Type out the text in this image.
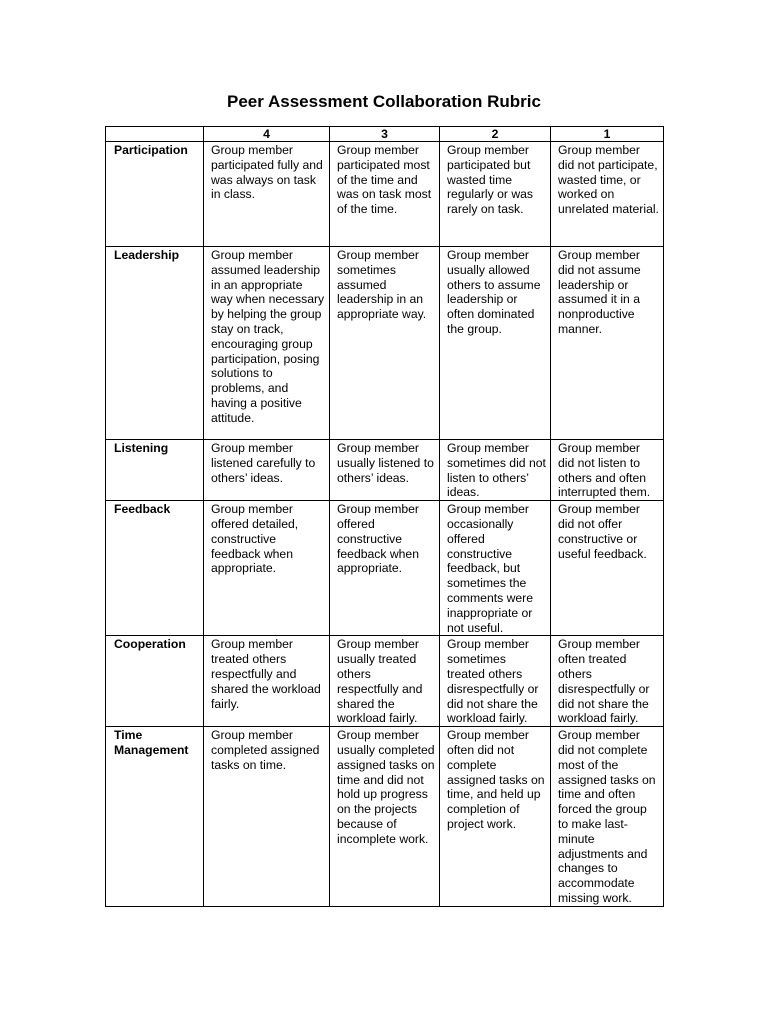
Peer Assessment Collaboration Rubric
	4	3	2	1
Participation	Group member participated fully and was always on task in class.	Group member participated most of the time and was on task most of the time.	Group member participated but wasted time regularly or was rarely on task.	Group member did not participate, wasted time, or worked on unrelated material.
Leadership	Group member assumed leadership in an appropriate way when necessary by helping the group stay on track, encouraging group participation, posing solutions to problems, and having a positive attitude.	Group member sometimes assumed leadership in an appropriate way.	Group member usually allowed others to assume leadership or often dominated the group.	Group member did not assume leadership or assumed it in a nonproductive manner.
Listening	Group member listened carefully to others’ ideas.	Group member usually listened to others’ ideas.	Group member sometimes did not listen to others’ ideas.	Group member did not listen to others and often interrupted them.
Feedback	Group member offered detailed, constructive feedback when appropriate.	Group member offered constructive feedback when appropriate.	Group member occasionally offered constructive feedback, but sometimes the comments were inappropriate or not useful.	Group member did not offer constructive or useful feedback.
Cooperation	Group member treated others respectfully and shared the workload fairly.	Group member usually treated others respectfully and shared the workload fairly.	Group member sometimes treated others disrespectfully or did not share the workload fairly.	Group member often treated others disrespectfully or did not share the workload fairly.
Time Management	Group member completed assigned tasks on time.	Group member usually completed assigned tasks on time and did not hold up progress on the projects because of incomplete work.	Group member often did not complete assigned tasks on time, and held up completion of project work.	Group member did not complete most of the assigned tasks on time and often forced the group to make last-minute adjustments and changes to accommodate missing work.
